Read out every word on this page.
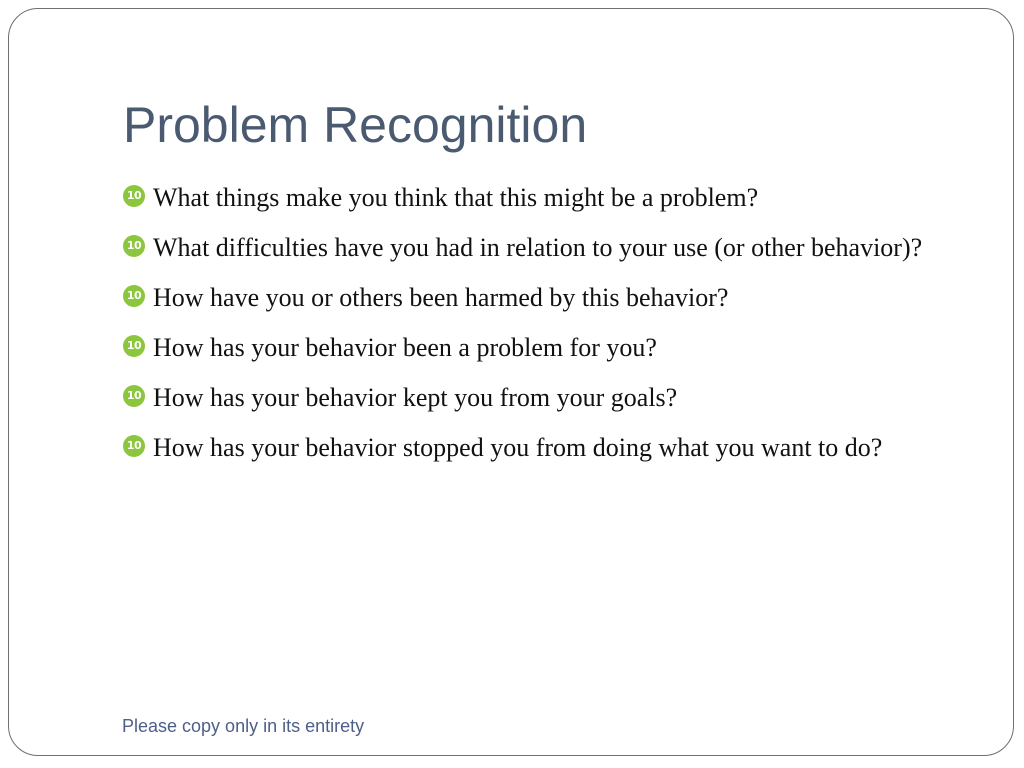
Problem Recognition
10 What things make you think that this might be a problem?
10 What difficulties have you had in relation to your use (or other behavior)?
10 How have you or others been harmed by this behavior?
10 How has your behavior been a problem for you?
10 How has your behavior kept you from your goals?
10 How has your behavior stopped you from doing what you want to do?
Please copy only in its entirety
